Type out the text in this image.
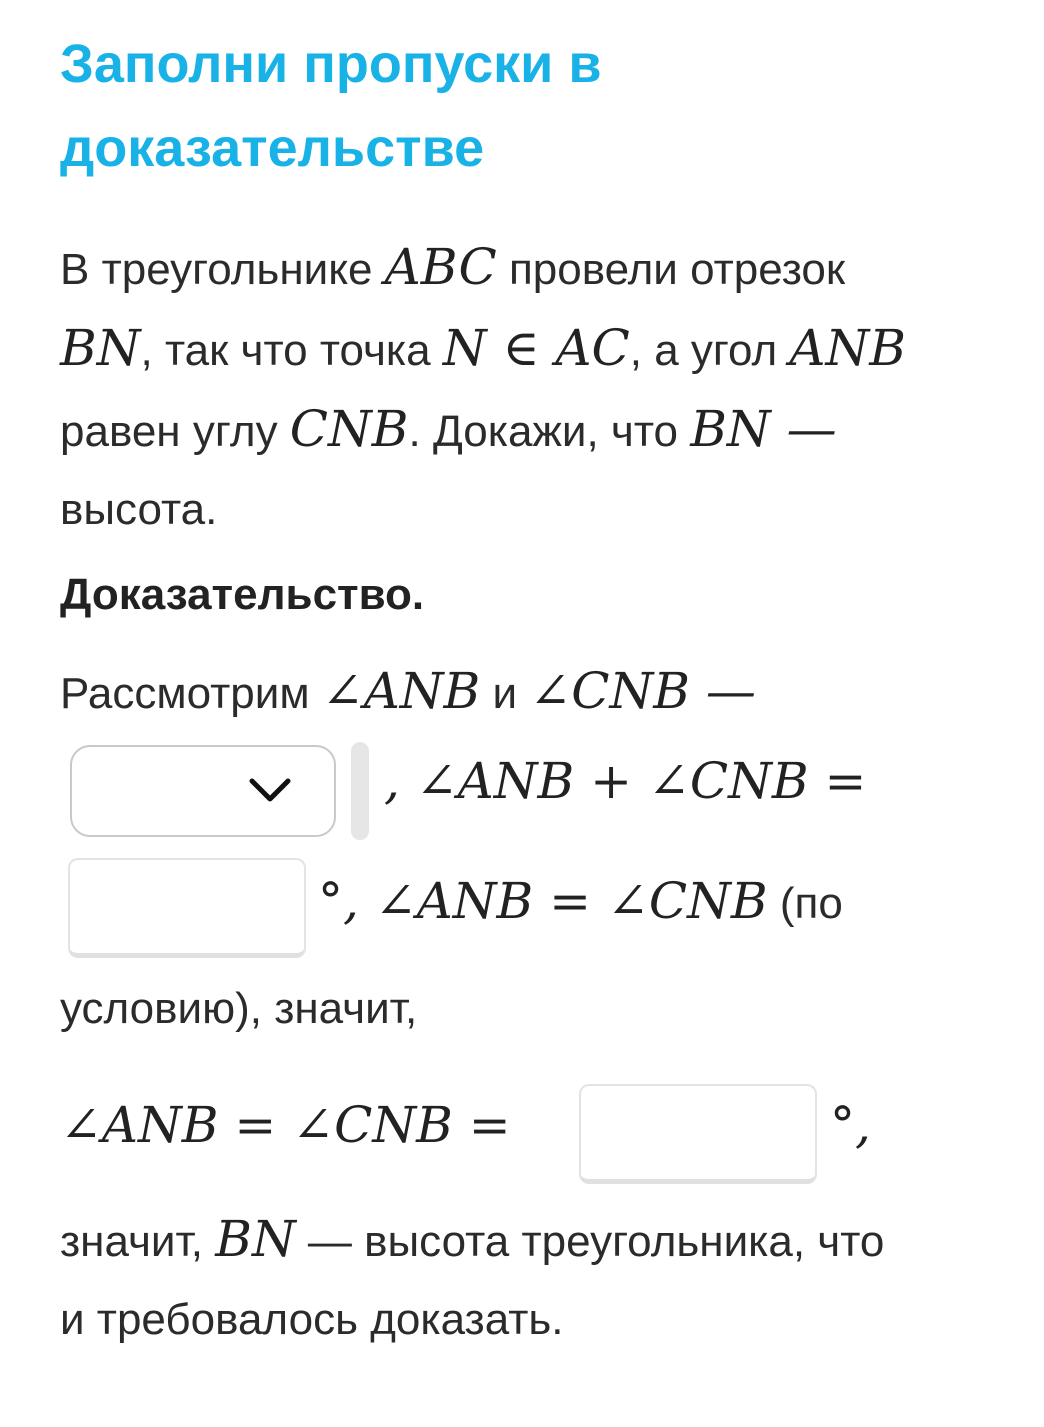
Заполни пропуски в доказательстве
В треугольнике ABC провели отрезок
BN, так что точка N ∈ AC, а угол ANB
равен углу CNB. Докажи, что BN —
высота.
Доказательство.
Рассмотрим ∠ANB и ∠CNB —
, ∠ANB + ∠CNB =
°, ∠ANB = ∠CNB (по
условию), значит,
∠ANB = ∠CNB =	°,
значит, BN — высота треугольника, что
и требовалось доказать.
